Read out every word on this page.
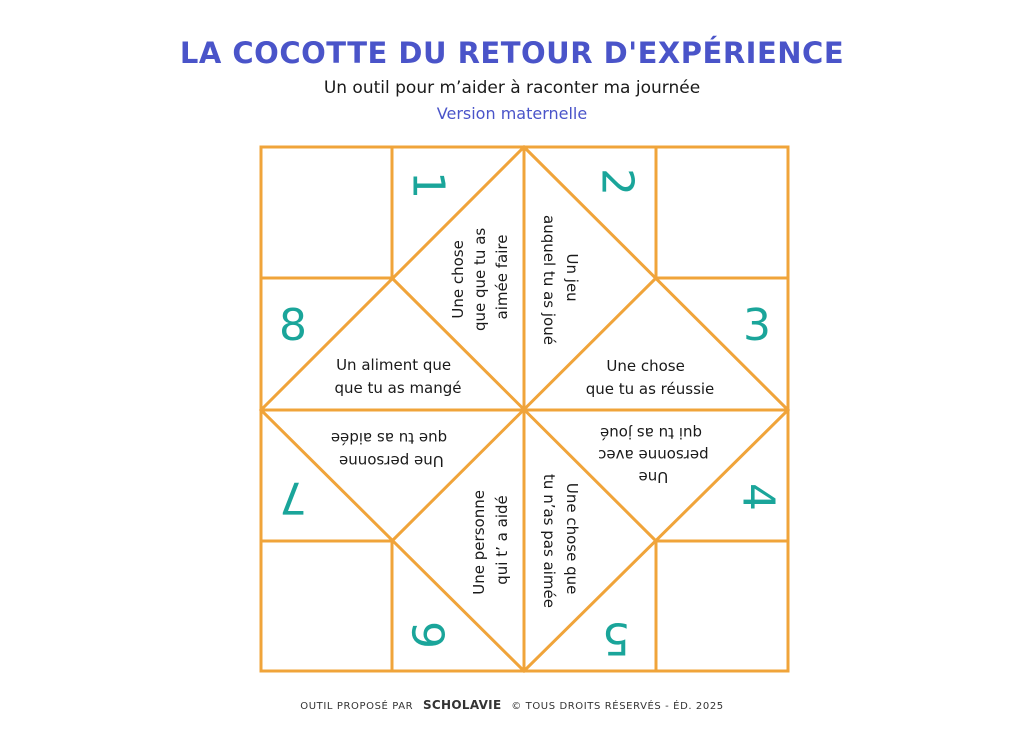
LA COCOTTE DU RETOUR D'EXPÉRIENCE
Un outil pour m’aider à raconter ma journée
Version maternelle
1	2
3
4
5
6
7
8
Une chose que que tu as aimée faire	Un jeu auquel tu as joué
Une chose que tu as réussie
Une personne avec qui tu as joué
Une chose que tu n’as pas aimée
Une personne qui t’ a aidé
Une personne que tu as aidée
Un aliment que que tu as mangé
OUTIL PROPOSÉ PAR SCHOLAVIE © TOUS DROITS RÉSERVÉS - ÉD. 2025
